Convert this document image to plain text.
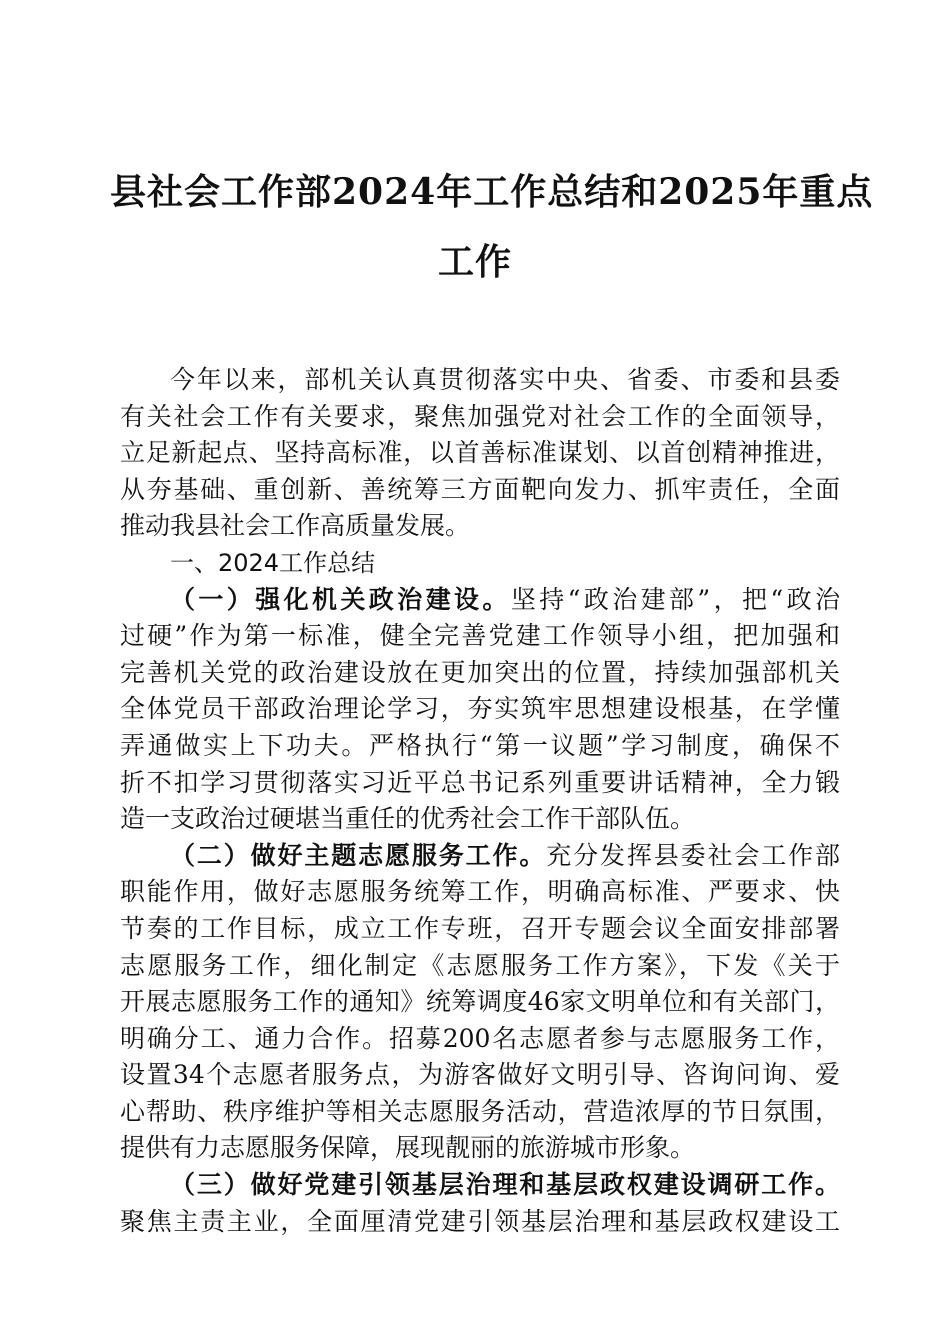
县社会工作部2024年工作总结和2025年重点
工作
今年以来，部机关认真贯彻落实中央、省委、市委和县委
有关社会工作有关要求，聚焦加强党对社会工作的全面领导，
立足新起点、坚持高标准，以首善标准谋划、以首创精神推进，
从夯基础、重创新、善统筹三方面靶向发力、抓牢责任，全面
推动我县社会工作高质量发展。
一、2024工作总结
（一）强化机关政治建设。坚持“政治建部”，把“政治
过硬”作为第一标准，健全完善党建工作领导小组，把加强和
完善机关党的政治建设放在更加突出的位置，持续加强部机关
全体党员干部政治理论学习，夯实筑牢思想建设根基，在学懂
弄通做实上下功夫。严格执行“第一议题”学习制度，确保不
折不扣学习贯彻落实习近平总书记系列重要讲话精神，全力锻
造一支政治过硬堪当重任的优秀社会工作干部队伍。
（二）做好主题志愿服务工作。充分发挥县委社会工作部
职能作用，做好志愿服务统筹工作，明确高标准、严要求、快
节奏的工作目标，成立工作专班，召开专题会议全面安排部署
志愿服务工作，细化制定《志愿服务工作方案》，下发《关于
开展志愿服务工作的通知》统筹调度46家文明单位和有关部门，
明确分工、通力合作。招募200名志愿者参与志愿服务工作，
设置34个志愿者服务点，为游客做好文明引导、咨询问询、爱
心帮助、秩序维护等相关志愿服务活动，营造浓厚的节日氛围，
提供有力志愿服务保障，展现靓丽的旅游城市形象。
（三）做好党建引领基层治理和基层政权建设调研工作。
聚焦主责主业，全面厘清党建引领基层治理和基层政权建设工
